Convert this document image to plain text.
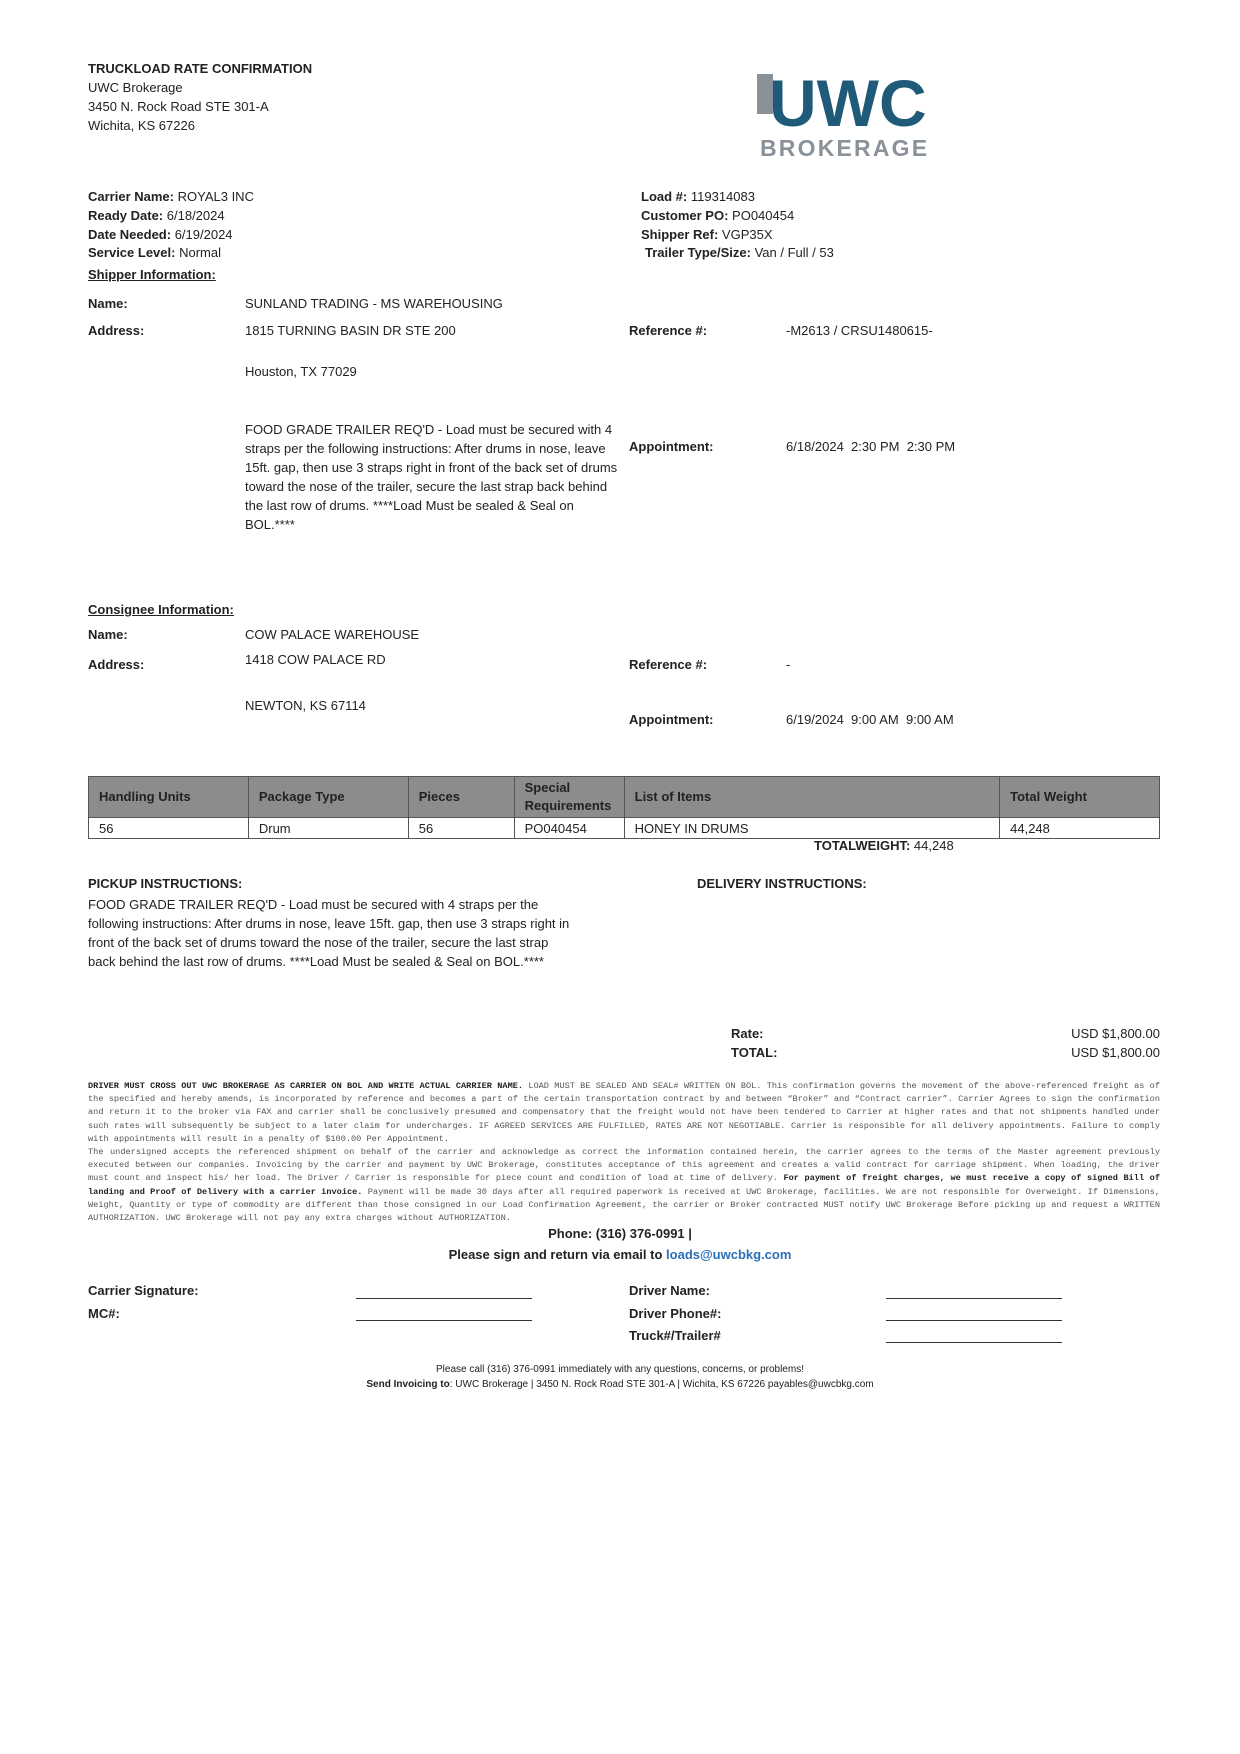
TRUCKLOAD RATE CONFIRMATION
UWC Brokerage
3450 N. Rock Road STE 301-A
Wichita, KS 67226	UWC
BROKERAGE
Carrier Name: ROYAL3 INC
Ready Date: 6/18/2024
Date Needed: 6/19/2024
Service Level: Normal
Load #: 119314083
Customer PO: PO040454
Shipper Ref: VGP35X
Trailer Type/Size: Van / Full / 53
Shipper Information:
Name:	SUNLAND TRADING - MS WAREHOUSING
Address:	1815 TURNING BASIN DR STE 200
Houston, TX 77029
Reference #:	-M2613 / CRSU1480615-
FOOD GRADE TRAILER REQ'D - Load must be secured with 4
straps per the following instructions: After drums in nose, leave
15ft. gap, then use 3 straps right in front of the back set of drums
toward the nose of the trailer, secure the last strap back behind
the last row of drums. ****Load Must be sealed & Seal on
BOL.****
Appointment:	6/18/2024  2:30 PM  2:30 PM
Consignee Information:
Name:	COW PALACE WAREHOUSE
Address:	1418 COW PALACE RD
NEWTON, KS 67114
Reference #:	-
Appointment:	6/19/2024  9:00 AM  9:00 AM
Handling Units	Package Type	Pieces	Special Requirements	List of Items	Total Weight
56	Drum	56	PO040454	HONEY IN DRUMS	44,248
TOTALWEIGHT: 44,248
PICKUP INSTRUCTIONS:
FOOD GRADE TRAILER REQ'D - Load must be secured with 4 straps per the
following instructions: After drums in nose, leave 15ft. gap, then use 3 straps right in
front of the back set of drums toward the nose of the trailer, secure the last strap
back behind the last row of drums. ****Load Must be sealed & Seal on BOL.****
DELIVERY INSTRUCTIONS:
Rate:	USD $1,800.00
TOTAL:	USD $1,800.00
DRIVER MUST CROSS OUT UWC BROKERAGE AS CARRIER ON BOL AND WRITE ACTUAL CARRIER NAME. LOAD MUST BE SEALED AND SEAL# WRITTEN ON BOL. This confirmation governs the movement of the above-referenced freight as of the specified and hereby amends, is incorporated by reference and becomes a part of the certain transportation contract by and between “Broker” and “Contract carrier”. Carrier Agrees to sign the confirmation and return it to the broker via FAX and carrier shall be conclusively presumed and compensatory that the freight would not have been tendered to Carrier at higher rates and that not shipments handled under such rates will subsequently be subject to a later claim for undercharges. IF AGREED SERVICES ARE FULFILLED, RATES ARE NOT NEGOTIABLE. Carrier is responsible for all delivery appointments. Failure to comply with appointments will result in a penalty of $100.00 Per Appointment.
The undersigned accepts the referenced shipment on behalf of the carrier and acknowledge as correct the information contained herein, the carrier agrees to the terms of the Master agreement previously executed between our companies. Invoicing by the carrier and payment by UWC Brokerage, constitutes acceptance of this agreement and creates a valid contract for carriage shipment. When loading, the driver must count and inspect his/ her load. The Driver / Carrier is responsible for piece count and condition of load at time of delivery. For payment of freight charges, we must receive a copy of signed Bill of landing and Proof of Delivery with a carrier invoice. Payment will be made 30 days after all required paperwork is received at UWC Brokerage, facilities. We are not responsible for Overweight. If Dimensions, Weight, Quantity or type of commodity are different than those consigned in our Load Confirmation Agreement, the carrier or Broker contracted MUST notify UWC Brokerage Before picking up and request a WRITTEN AUTHORIZATION. UWC Brokerage will not pay any extra charges without AUTHORIZATION.
Phone: (316) 376-0991 |
Please sign and return via email to loads@uwcbkg.com
Carrier Signature:
MC#:
Driver Name:
Driver Phone#:
Truck#/Trailer#
Please call (316) 376-0991 immediately with any questions, concerns, or problems!
Send Invoicing to: UWC Brokerage | 3450 N. Rock Road STE 301-A | Wichita, KS 67226 payables@uwcbkg.com
